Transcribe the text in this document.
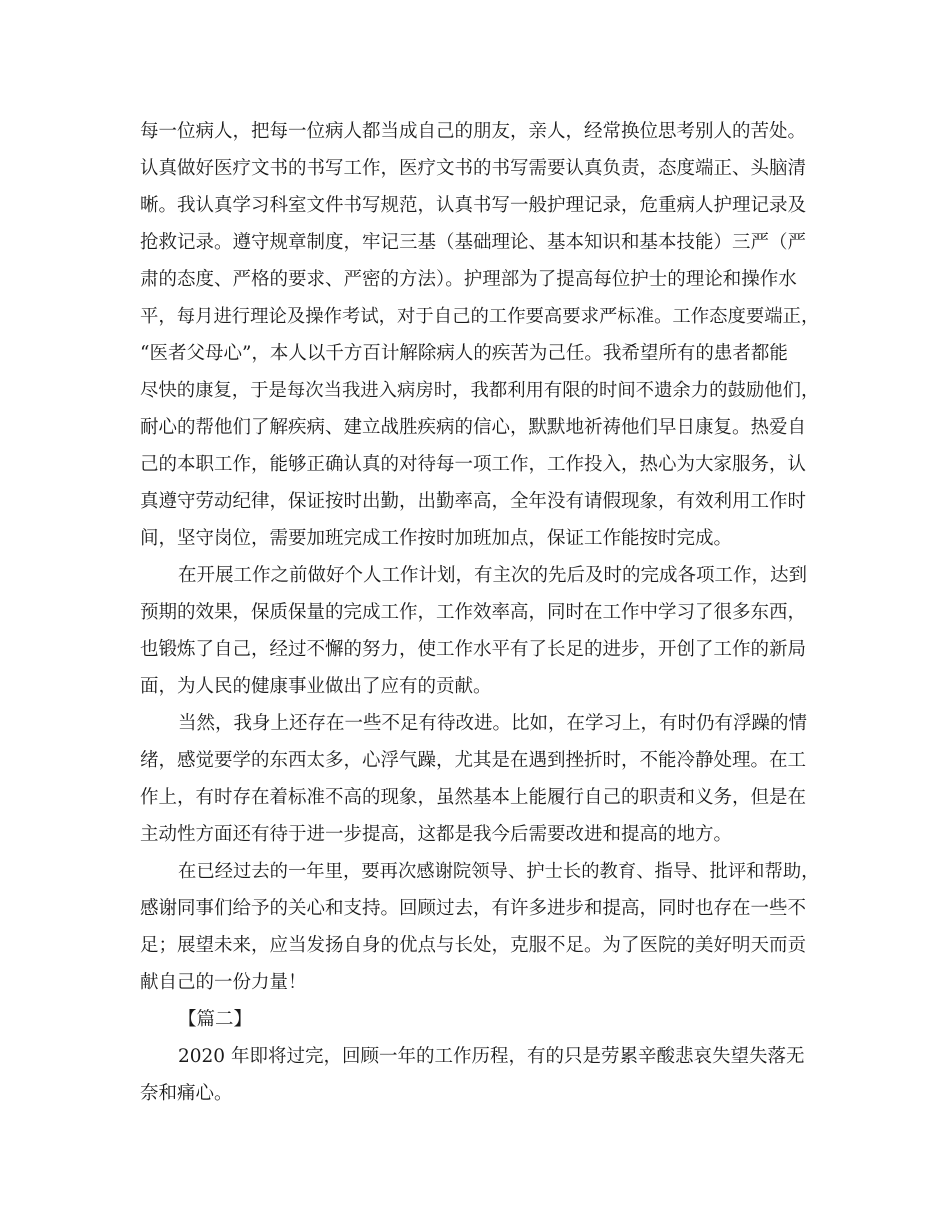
每一位病人，把每一位病人都当成自己的朋友，亲人，经常换位思考别人的苦处。
认真做好医疗文书的书写工作，医疗文书的书写需要认真负责，态度端正、头脑清
晰。我认真学习科室文件书写规范，认真书写一般护理记录，危重病人护理记录及
抢救记录。遵守规章制度，牢记三基（基础理论、基本知识和基本技能）三严（严
肃的态度、严格的要求、严密的方法）。护理部为了提高每位护士的理论和操作水
平，每月进行理论及操作考试，对于自己的工作要高要求严标准。工作态度要端正，
“医者父母心”，本人以千方百计解除病人的疾苦为己任。我希望所有的患者都能
尽快的康复，于是每次当我进入病房时，我都利用有限的时间不遗余力的鼓励他们，
耐心的帮他们了解疾病、建立战胜疾病的信心，默默地祈祷他们早日康复。热爱自
己的本职工作，能够正确认真的对待每一项工作，工作投入，热心为大家服务，认
真遵守劳动纪律，保证按时出勤，出勤率高，全年没有请假现象，有效利用工作时
间，坚守岗位，需要加班完成工作按时加班加点，保证工作能按时完成。
在开展工作之前做好个人工作计划，有主次的先后及时的完成各项工作，达到
预期的效果，保质保量的完成工作，工作效率高，同时在工作中学习了很多东西，
也锻炼了自己，经过不懈的努力，使工作水平有了长足的进步，开创了工作的新局
面，为人民的健康事业做出了应有的贡献。
当然，我身上还存在一些不足有待改进。比如，在学习上，有时仍有浮躁的情
绪，感觉要学的东西太多，心浮气躁，尤其是在遇到挫折时，不能冷静处理。在工
作上，有时存在着标准不高的现象，虽然基本上能履行自己的职责和义务，但是在
主动性方面还有待于进一步提高，这都是我今后需要改进和提高的地方。
在已经过去的一年里，要再次感谢院领导、护士长的教育、指导、批评和帮助，
感谢同事们给予的关心和支持。回顾过去，有许多进步和提高，同时也存在一些不
足；展望未来，应当发扬自身的优点与长处，克服不足。为了医院的美好明天而贡
献自己的一份力量！
【篇二】
2020 年即将过完，回顾一年的工作历程，有的只是劳累辛酸悲哀失望失落无
奈和痛心。
